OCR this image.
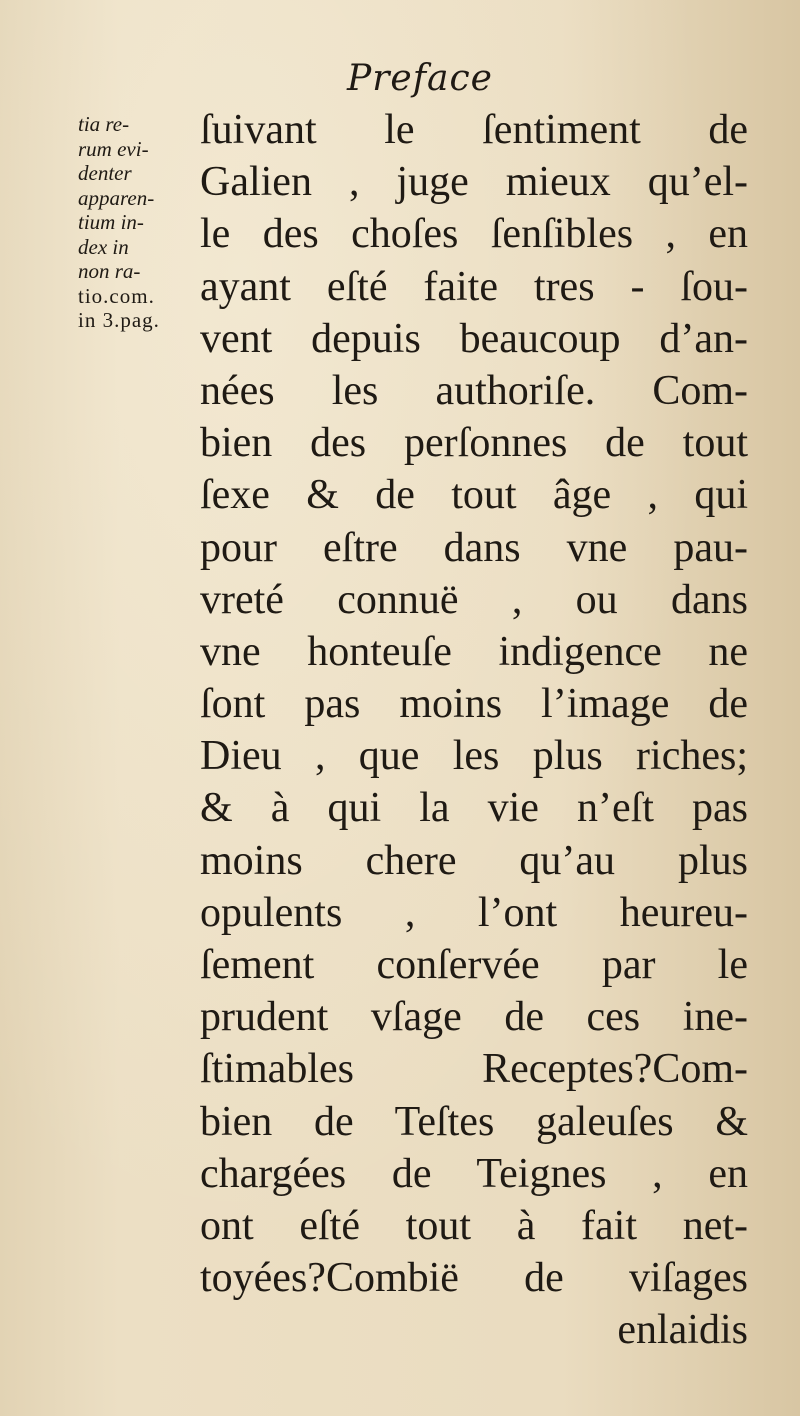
Preface
tia re-
rum evi-
denter
apparen-
tium in-
dex in
non ra-
tio.com.
in 3.pag.
ſuivant le ſentiment de
Galien , juge mieux qu’el-
le des choſes ſenſibles , en
ayant eſté faite tres - ſou-
vent depuis beaucoup d’an-
nées les authoriſe. Com-
bien des perſonnes de tout
ſexe & de tout âge , qui
pour eſtre dans vne pau-
vreté connuë , ou dans
vne honteuſe indigence ne
ſont pas moins l’image de
Dieu , que les plus riches;
& à qui la vie n’eſt pas
moins chere qu’au plus
opulents , l’ont heureu-
ſement conſervée par le
prudent vſage de ces ine-
ſtimables Receptes?Com-
bien de Teſtes galeuſes &
chargées de Teignes , en
ont eſté tout à fait net-
toyées?Combië de viſages
enlaidis
